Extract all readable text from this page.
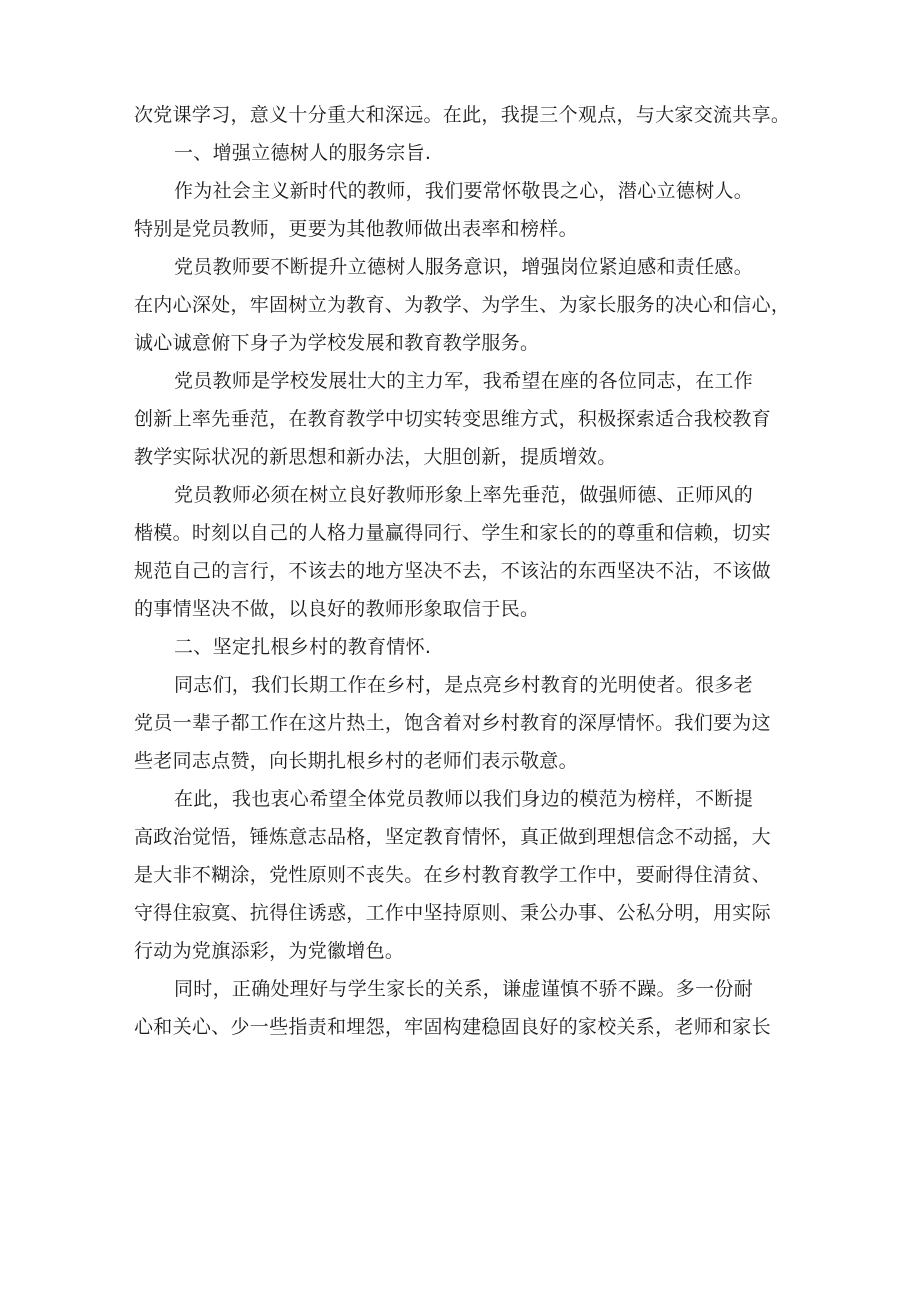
次党课学习，意义十分重大和深远。在此，我提三个观点，与大家交流共享。
一、增强立德树人的服务宗旨.
作为社会主义新时代的教师，我们要常怀敬畏之心，潜心立德树人。
特别是党员教师，更要为其他教师做出表率和榜样。
党员教师要不断提升立德树人服务意识，增强岗位紧迫感和责任感。
在内心深处，牢固树立为教育、为教学、为学生、为家长服务的决心和信心，
诚心诚意俯下身子为学校发展和教育教学服务。
党员教师是学校发展壮大的主力军，我希望在座的各位同志，在工作
创新上率先垂范，在教育教学中切实转变思维方式，积极探索适合我校教育
教学实际状况的新思想和新办法，大胆创新，提质增效。
党员教师必须在树立良好教师形象上率先垂范，做强师德、正师风的
楷模。时刻以自己的人格力量赢得同行、学生和家长的的尊重和信赖，切实
规范自己的言行，不该去的地方坚决不去，不该沾的东西坚决不沾，不该做
的事情坚决不做，以良好的教师形象取信于民。
二、坚定扎根乡村的教育情怀.
同志们，我们长期工作在乡村，是点亮乡村教育的光明使者。很多老
党员一辈子都工作在这片热土，饱含着对乡村教育的深厚情怀。我们要为这
些老同志点赞，向长期扎根乡村的老师们表示敬意。
在此，我也衷心希望全体党员教师以我们身边的模范为榜样，不断提
高政治觉悟，锤炼意志品格，坚定教育情怀，真正做到理想信念不动摇，大
是大非不糊涂，党性原则不丧失。在乡村教育教学工作中，要耐得住清贫、
守得住寂寞、抗得住诱惑，工作中坚持原则、秉公办事、公私分明，用实际
行动为党旗添彩，为党徽增色。
同时，正确处理好与学生家长的关系，谦虚谨慎不骄不躁。多一份耐
心和关心、少一些指责和埋怨，牢固构建稳固良好的家校关系，老师和家长
